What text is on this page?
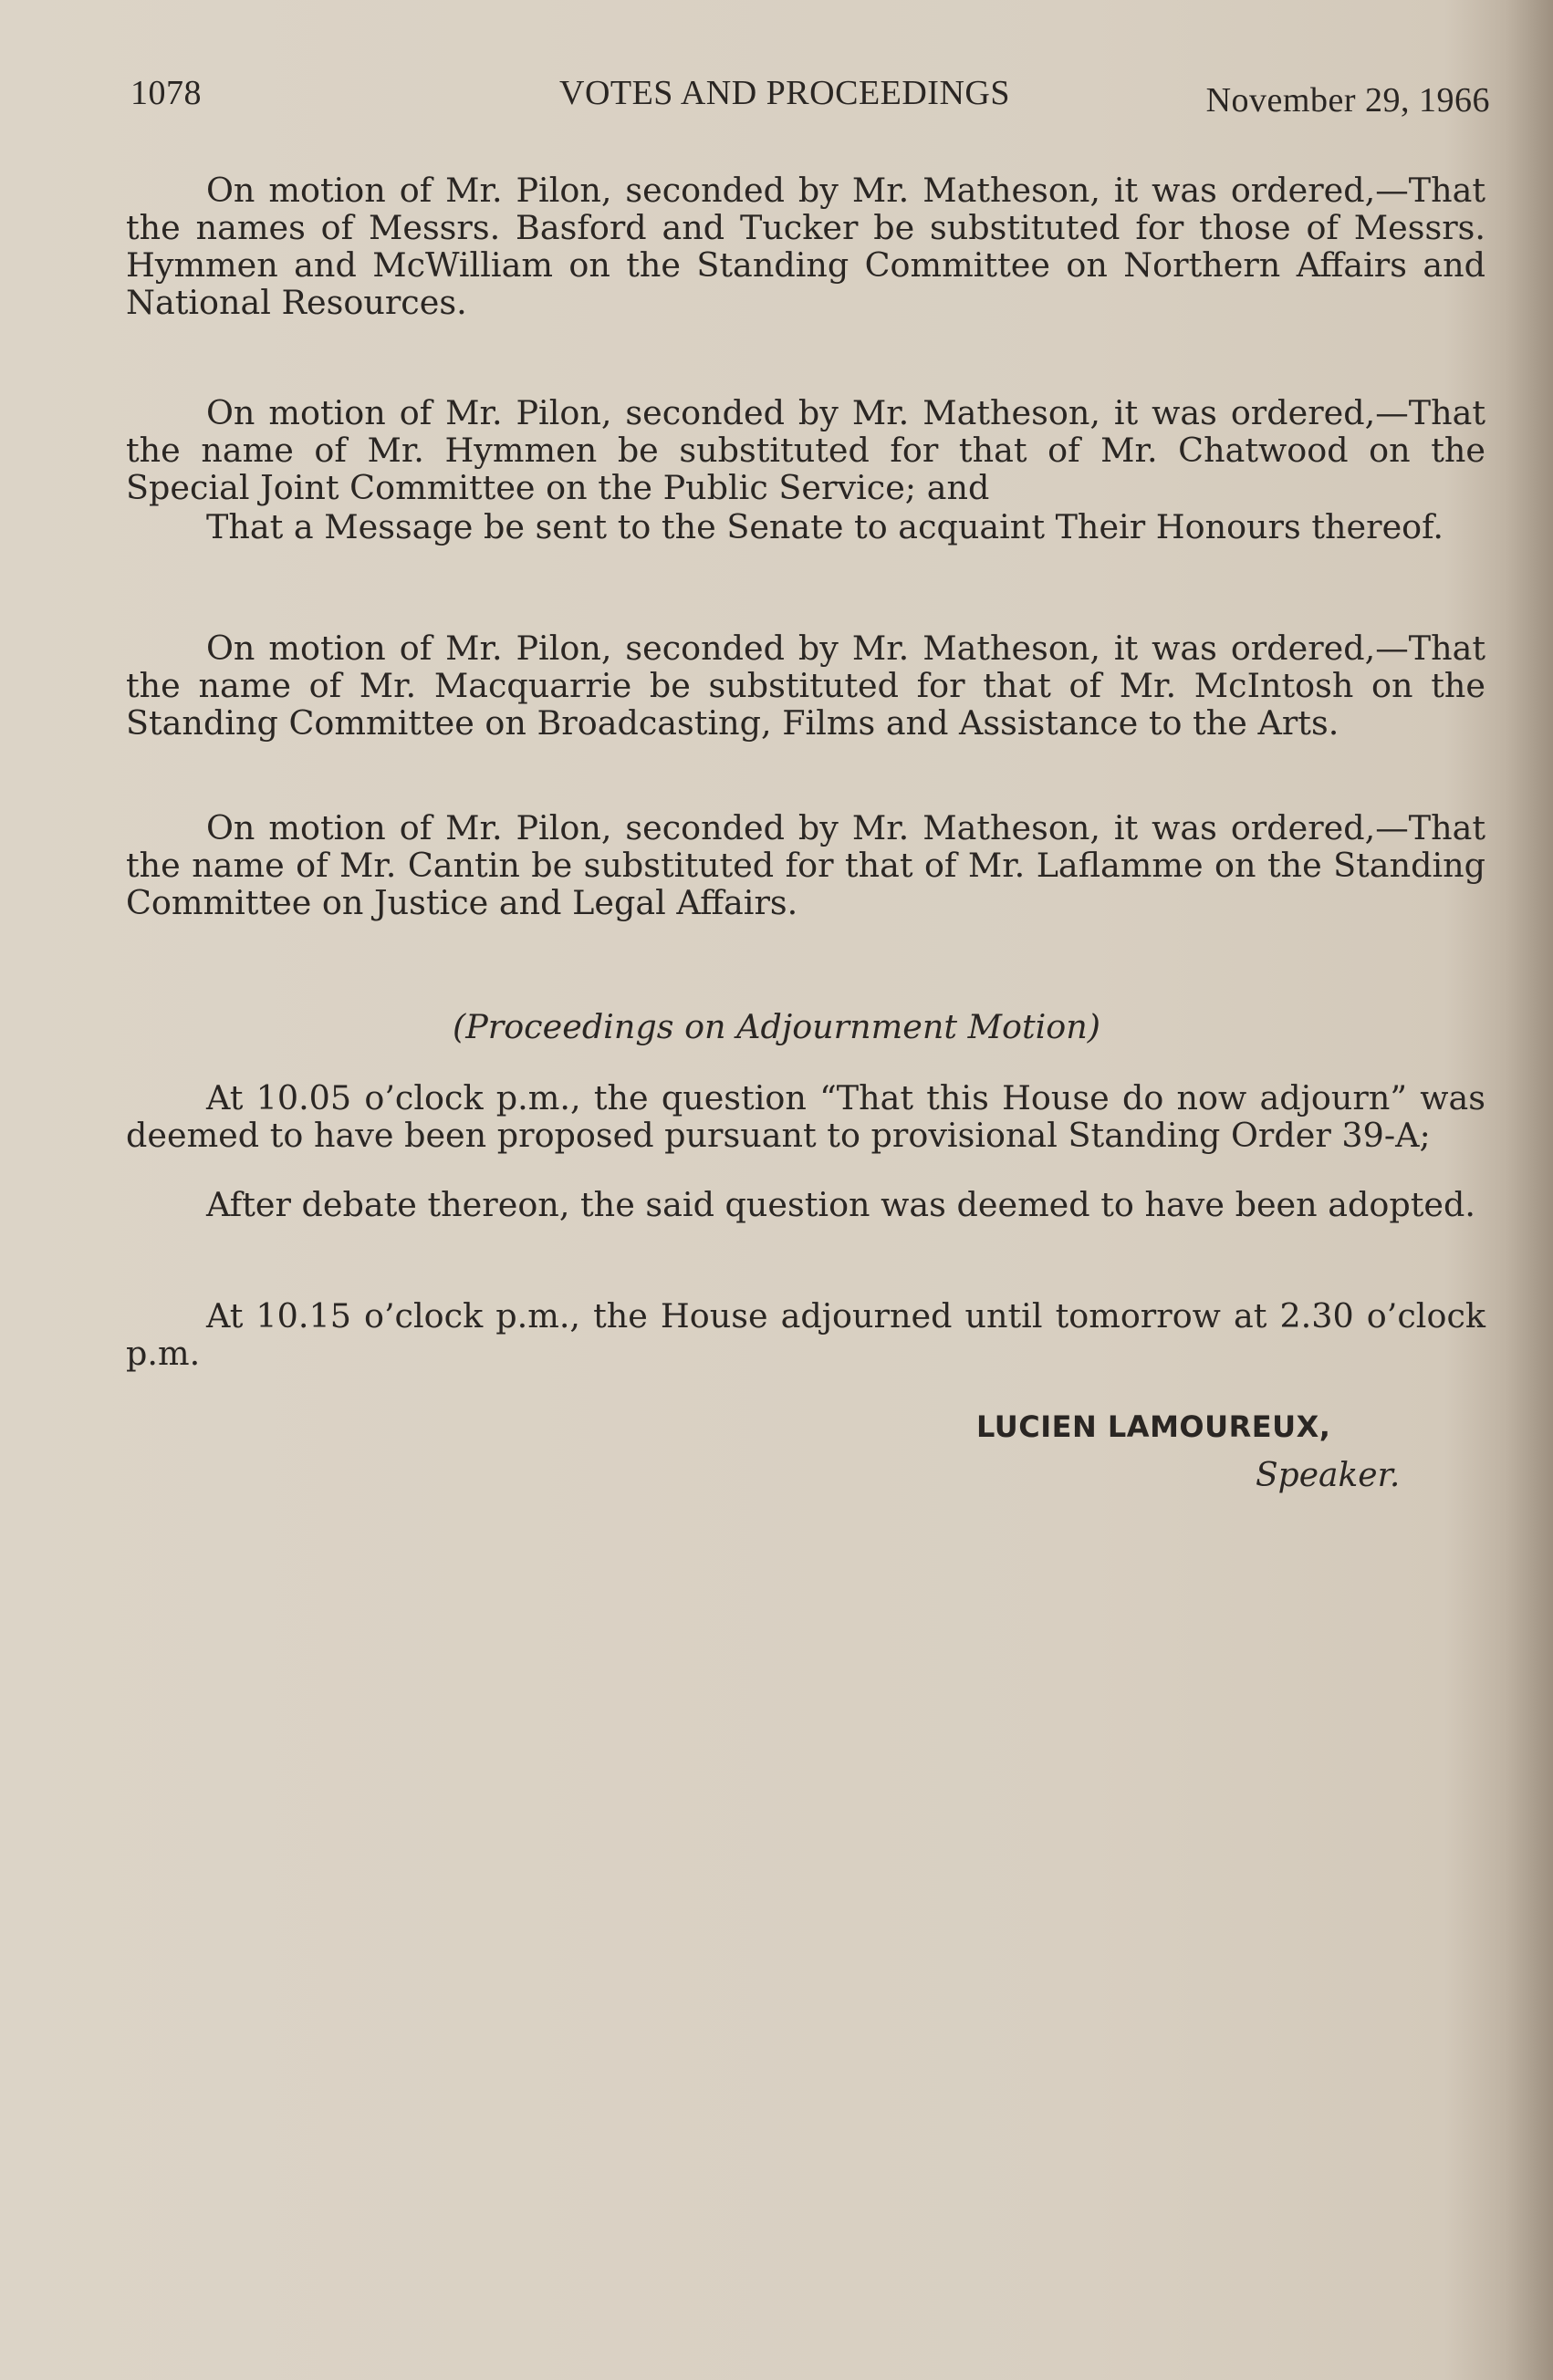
1078	VOTES AND PROCEEDINGS	November 29, 1966
On motion of Mr. Pilon, seconded by Mr. Matheson, it was ordered,—That the names of Messrs. Basford and Tucker be substituted for those of Messrs. Hymmen and McWilliam on the Standing Committee on Northern Affairs and National Resources.
On motion of Mr. Pilon, seconded by Mr. Matheson, it was ordered,—That the name of Mr. Hymmen be substituted for that of Mr. Chatwood on the Special Joint Committee on the Public Service; and
That a Message be sent to the Senate to acquaint Their Honours thereof.
On motion of Mr. Pilon, seconded by Mr. Matheson, it was ordered,—That the name of Mr. Macquarrie be substituted for that of Mr. McIntosh on the Standing Committee on Broadcasting, Films and Assistance to the Arts.
On motion of Mr. Pilon, seconded by Mr. Matheson, it was ordered,—That the name of Mr. Cantin be substituted for that of Mr. Laflamme on the Standing Committee on Justice and Legal Affairs.
(Proceedings on Adjournment Motion)
At 10.05 o’clock p.m., the question “That this House do now adjourn” was deemed to have been proposed pursuant to provisional Standing Order 39-A;
After debate thereon, the said question was deemed to have been adopted.
At 10.15 o’clock p.m., the House adjourned until tomorrow at 2.30 o’clock p.m.
LUCIEN LAMOUREUX,
Speaker.
